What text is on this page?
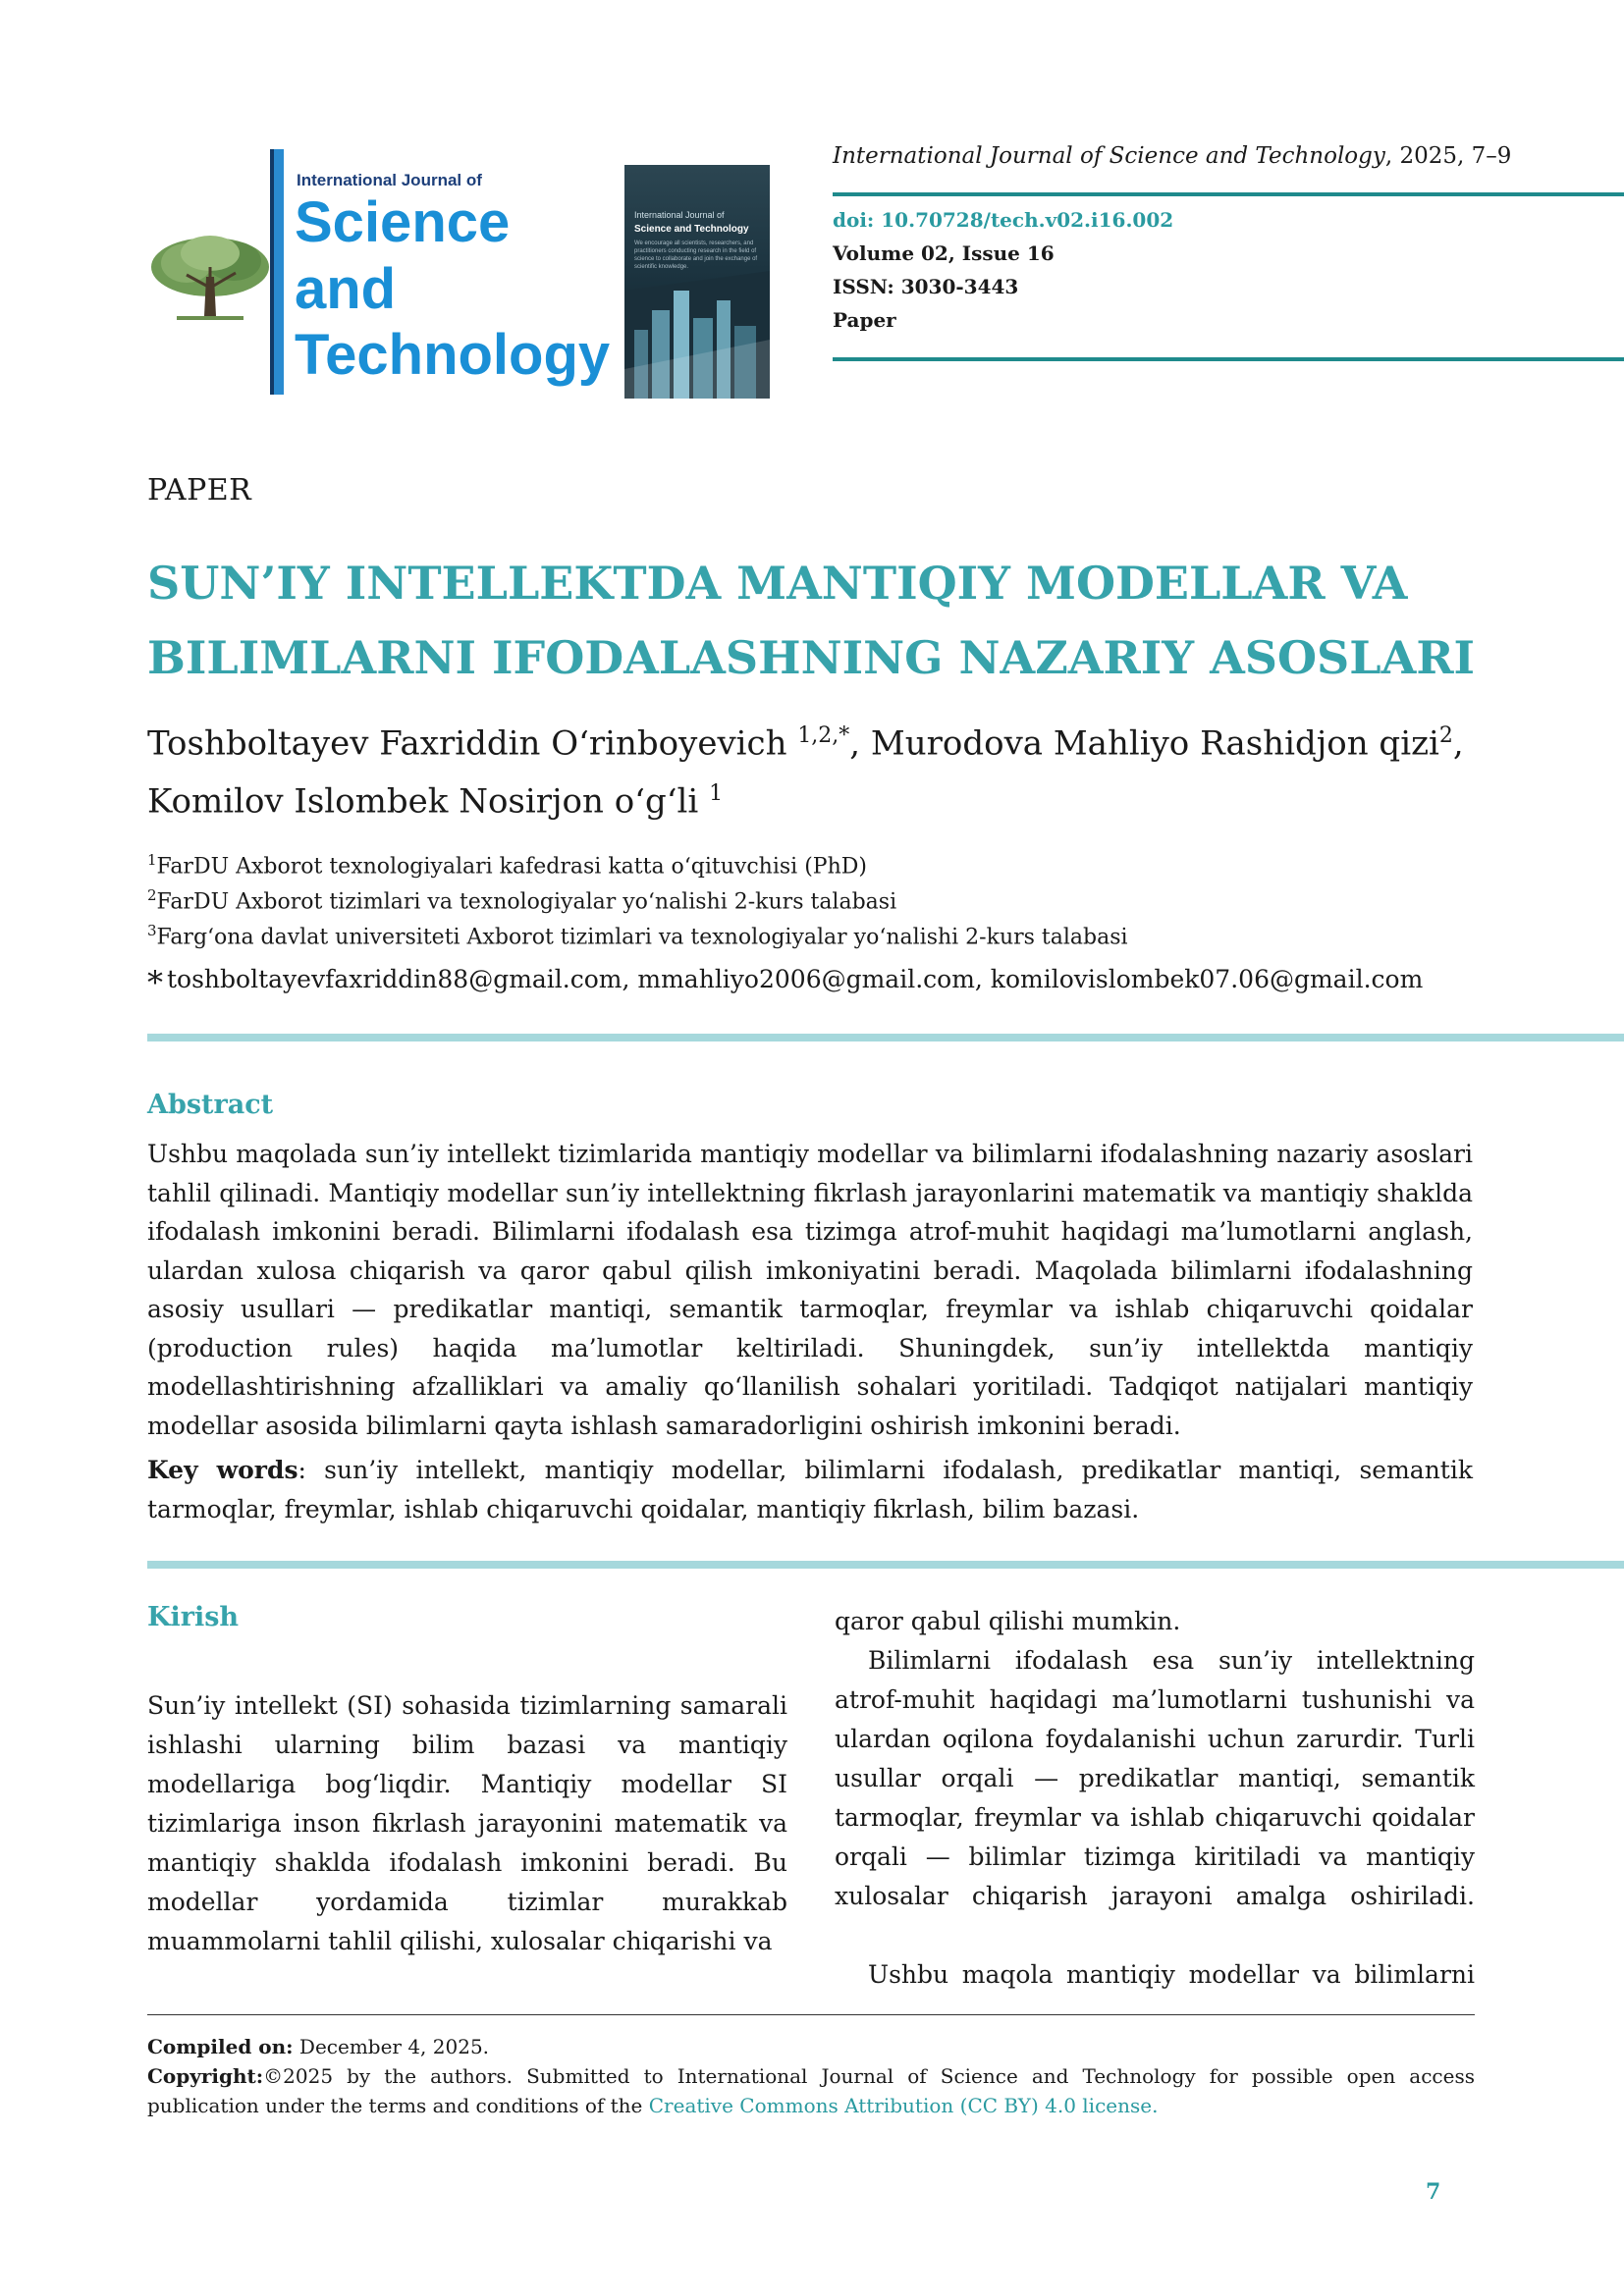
International Journal of
Science
and
Technology
International Journal of
Science and Technology
We encourage all scientists, researchers, and practitioners conducting research in the field of science to collaborate and join the exchange of scientific knowledge.
International Journal of Science and Technology, 2025, 7–9
doi: 10.70728/tech.v02.i16.002
Volume 02, Issue 16
ISSN: 3030-3443
Paper
PAPER
SUN’IY INTELLEKTDA MANTIQIY MODELLAR VA BILIMLARNI IFODALASHNING NAZARIY ASOSLARI
Toshboltayev Faxriddin O‘rinboyevich $^{1,2,*}$, Murodova Mahliyo Rashidjon qizi$^2$, Komilov Islombek Nosirjon o‘g‘li $^1$
$^1$FarDU Axborot texnologiyalari kafedrasi katta o‘qituvchisi (PhD)
$^2$FarDU Axborot tizimlari va texnologiyalar yo‘nalishi 2-kurs talabasi
$^3$Farg‘ona davlat universiteti Axborot tizimlari va texnologiyalar yo‘nalishi 2-kurs talabasi
* toshboltayevfaxriddin88@gmail.com, mmahliyo2006@gmail.com, komilovislombek07.06@gmail.com
Abstract
Ushbu maqolada sun’iy intellekt tizimlarida mantiqiy modellar va bilimlarni ifodalashning nazariy asoslari tahlil qilinadi. Mantiqiy modellar sun’iy intellektning fikrlash jarayonlarini matematik va mantiqiy shaklda ifodalash imkonini beradi. Bilimlarni ifodalash esa tizimga atrof-muhit haqidagi ma’lumotlarni anglash, ulardan xulosa chiqarish va qaror qabul qilish imkoniyatini beradi. Maqolada bilimlarni ifodalashning asosiy usullari — predikatlar mantiqi, semantik tarmoqlar, freymlar va ishlab chiqaruvchi qoidalar (production rules) haqida ma’lumotlar keltiriladi. Shuningdek, sun’iy intellektda mantiqiy modellashtirishning afzalliklari va amaliy qo‘llanilish sohalari yoritiladi. Tadqiqot natijalari mantiqiy modellar asosida bilimlarni qayta ishlash samaradorligini oshirish imkonini beradi.
Key words: sun’iy intellekt, mantiqiy modellar, bilimlarni ifodalash, predikatlar mantiqi, semantik tarmoqlar, freymlar, ishlab chiqaruvchi qoidalar, mantiqiy fikrlash, bilim bazasi.
Kirish

Sun’iy intellekt (SI) sohasida tizimlarning samarali ishlashi ularning bilim bazasi va mantiqiy modellariga bog‘liqdir. Mantiqiy modellar SI tizimlariga inson fikrlash jarayonini matematik va mantiqiy shaklda ifodalash imkonini beradi. Bu modellar yordamida tizimlar murakkab muammolarni tahlil qilishi, xulosalar chiqarishi va

qaror qabul qilishi mumkin.

Bilimlarni ifodalash esa sun’iy intellektning atrof-muhit haqidagi ma’lumotlarni tushunishi va ulardan oqilona foydalanishi uchun zarurdir. Turli usullar orqali — predikatlar mantiqi, semantik tarmoqlar, freymlar va ishlab chiqaruvchi qoidalar orqali — bilimlar tizimga kiritiladi va mantiqiy xulosalar chiqarish jarayoni amalga oshiriladi.

Ushbu maqola mantiqiy modellar va bilimlarni

Compiled on: December 4, 2025.
Copyright:©2025 by the authors. Submitted to International Journal of Science and Technology for possible open access publication under the terms and conditions of the Creative Commons Attribution (CC BY) 4.0 license.
7
